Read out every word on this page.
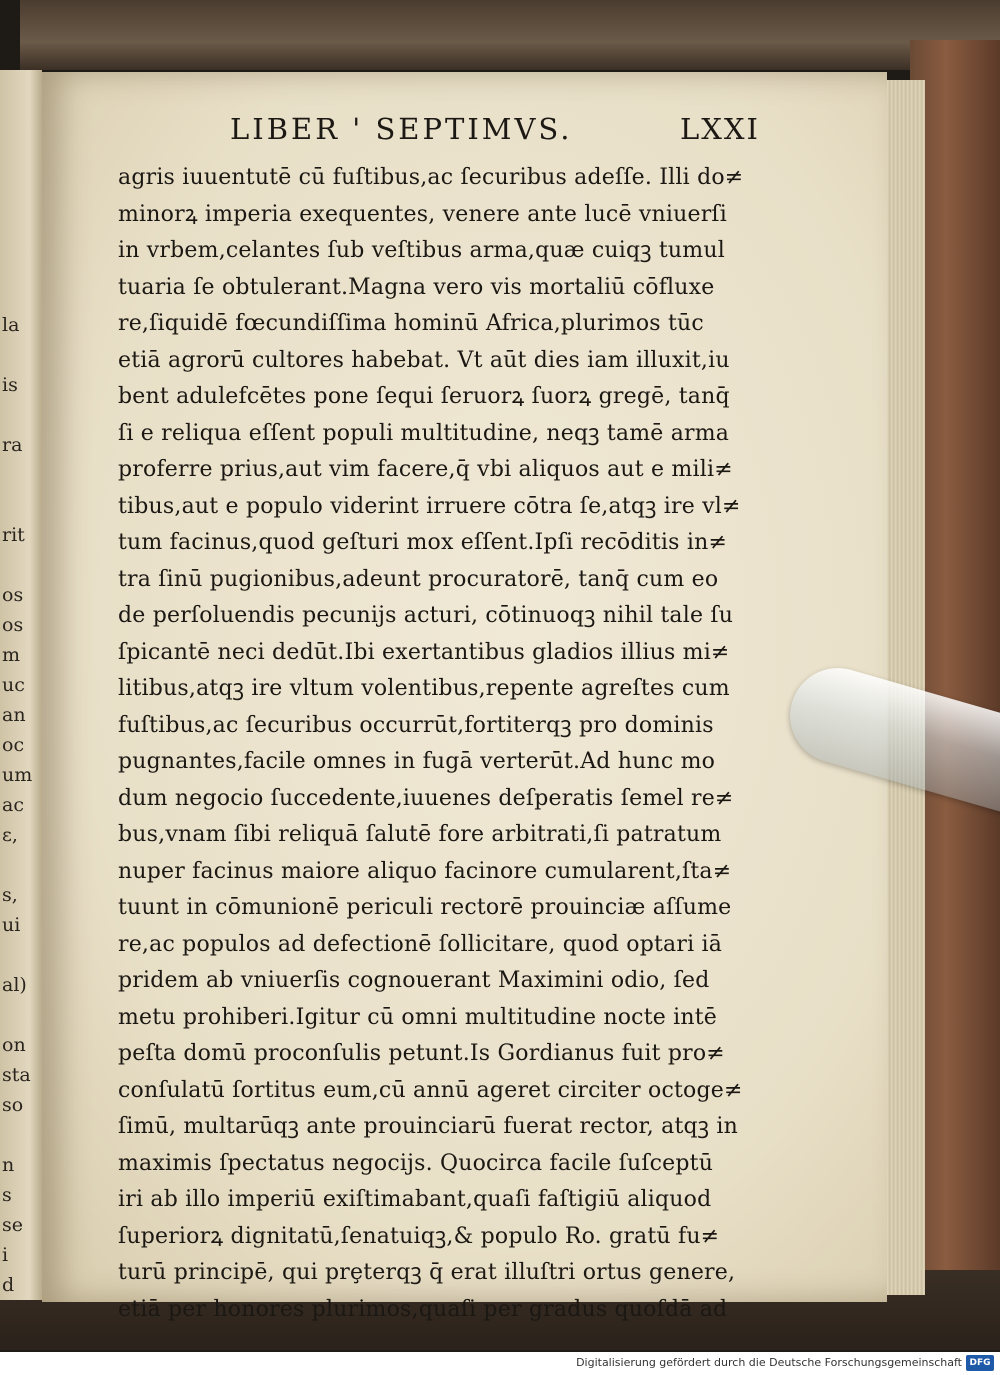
la

is

ra

rit

os
os
m
uc
an
oc
um
ac
ε,

s,
ui

al)

on
sta
so

n
s
se
i
d
LIBER ' SEPTIMVS.	LXXI
agris iuuentutē cū fuſtibus,ac ſecuribus adeſſe. Illi do≠
minorꝝ imperia exequentes, venere ante lucē vniuerſi
in vrbem,celantes ſub veſtibus arma,quæ cuiqꝫ tumul
tuaria ſe obtulerant.Magna vero vis mortaliū cōfluxe
re,ſiquidē fœcundiſſima hominū Africa,plurimos tūc
etiā agrorū cultores habebat. Vt aūt dies iam illuxit,iu
bent adulefcētes pone ſequi ſeruorꝝ ſuorꝝ gregē, tanq̄
ſi e reliqua eſſent populi multitudine, neqꝫ tamē arma
proferre prius,aut vim facere,q̄ vbi aliquos aut e mili≠
tibus,aut e populo viderint irruere cōtra ſe,atqꝫ ire vl≠
tum facinus,quod geſturi mox eſſent.Ipſi recōditis in≠
tra ſinū pugionibus,adeunt procuratorē, tanq̄ cum eo
de perſoluendis pecunijs acturi, cōtinuoqꝫ nihil tale ſu
ſpicantē neci dedūt.Ibi exertantibus gladios illius mi≠
litibus,atqꝫ ire vltum volentibus,repente agreſtes cum
fuſtibus,ac ſecuribus occurrūt,fortiterqꝫ pro dominis
pugnantes,facile omnes in fugā verterūt.Ad hunc mo
dum negocio ſuccedente,iuuenes deſperatis ſemel re≠
bus,vnam ſibi reliquā ſalutē fore arbitrati,ſi patratum
nuper facinus maiore aliquo facinore cumularent,ſta≠
tuunt in cōmunionē periculi rectorē prouinciæ aſſume
re,ac populos ad defectionē ſollicitare, quod optari iā
pridem ab vniuerſis cognouerant Maximini odio, ſed
metu prohiberi.Igitur cū omni multitudine nocte intē
peſta domū proconſulis petunt.Is Gordianus fuit pro≠
conſulatū ſortitus eum,cū annū ageret circiter octoge≠
ſimū, multarūqꝫ ante prouinciarū fuerat rector, atqꝫ in
maximis ſpectatus negocijs. Quocirca facile ſuſceptū
iri ab illo imperiū exiſtimabant,quaſi faſtigiū aliquod
ſuperiorꝝ dignitatū,ſenatuiqꝫ,& populo Ro. gratū fu≠
turū principē, qui prȩterqꝫ q̄ erat illuſtri ortus genere,
etiā per honores plurimos,quaſi per gradus quoſdā ad
Digitalisierung gefördert durch die Deutsche Forschungsgemeinschaft DFG
